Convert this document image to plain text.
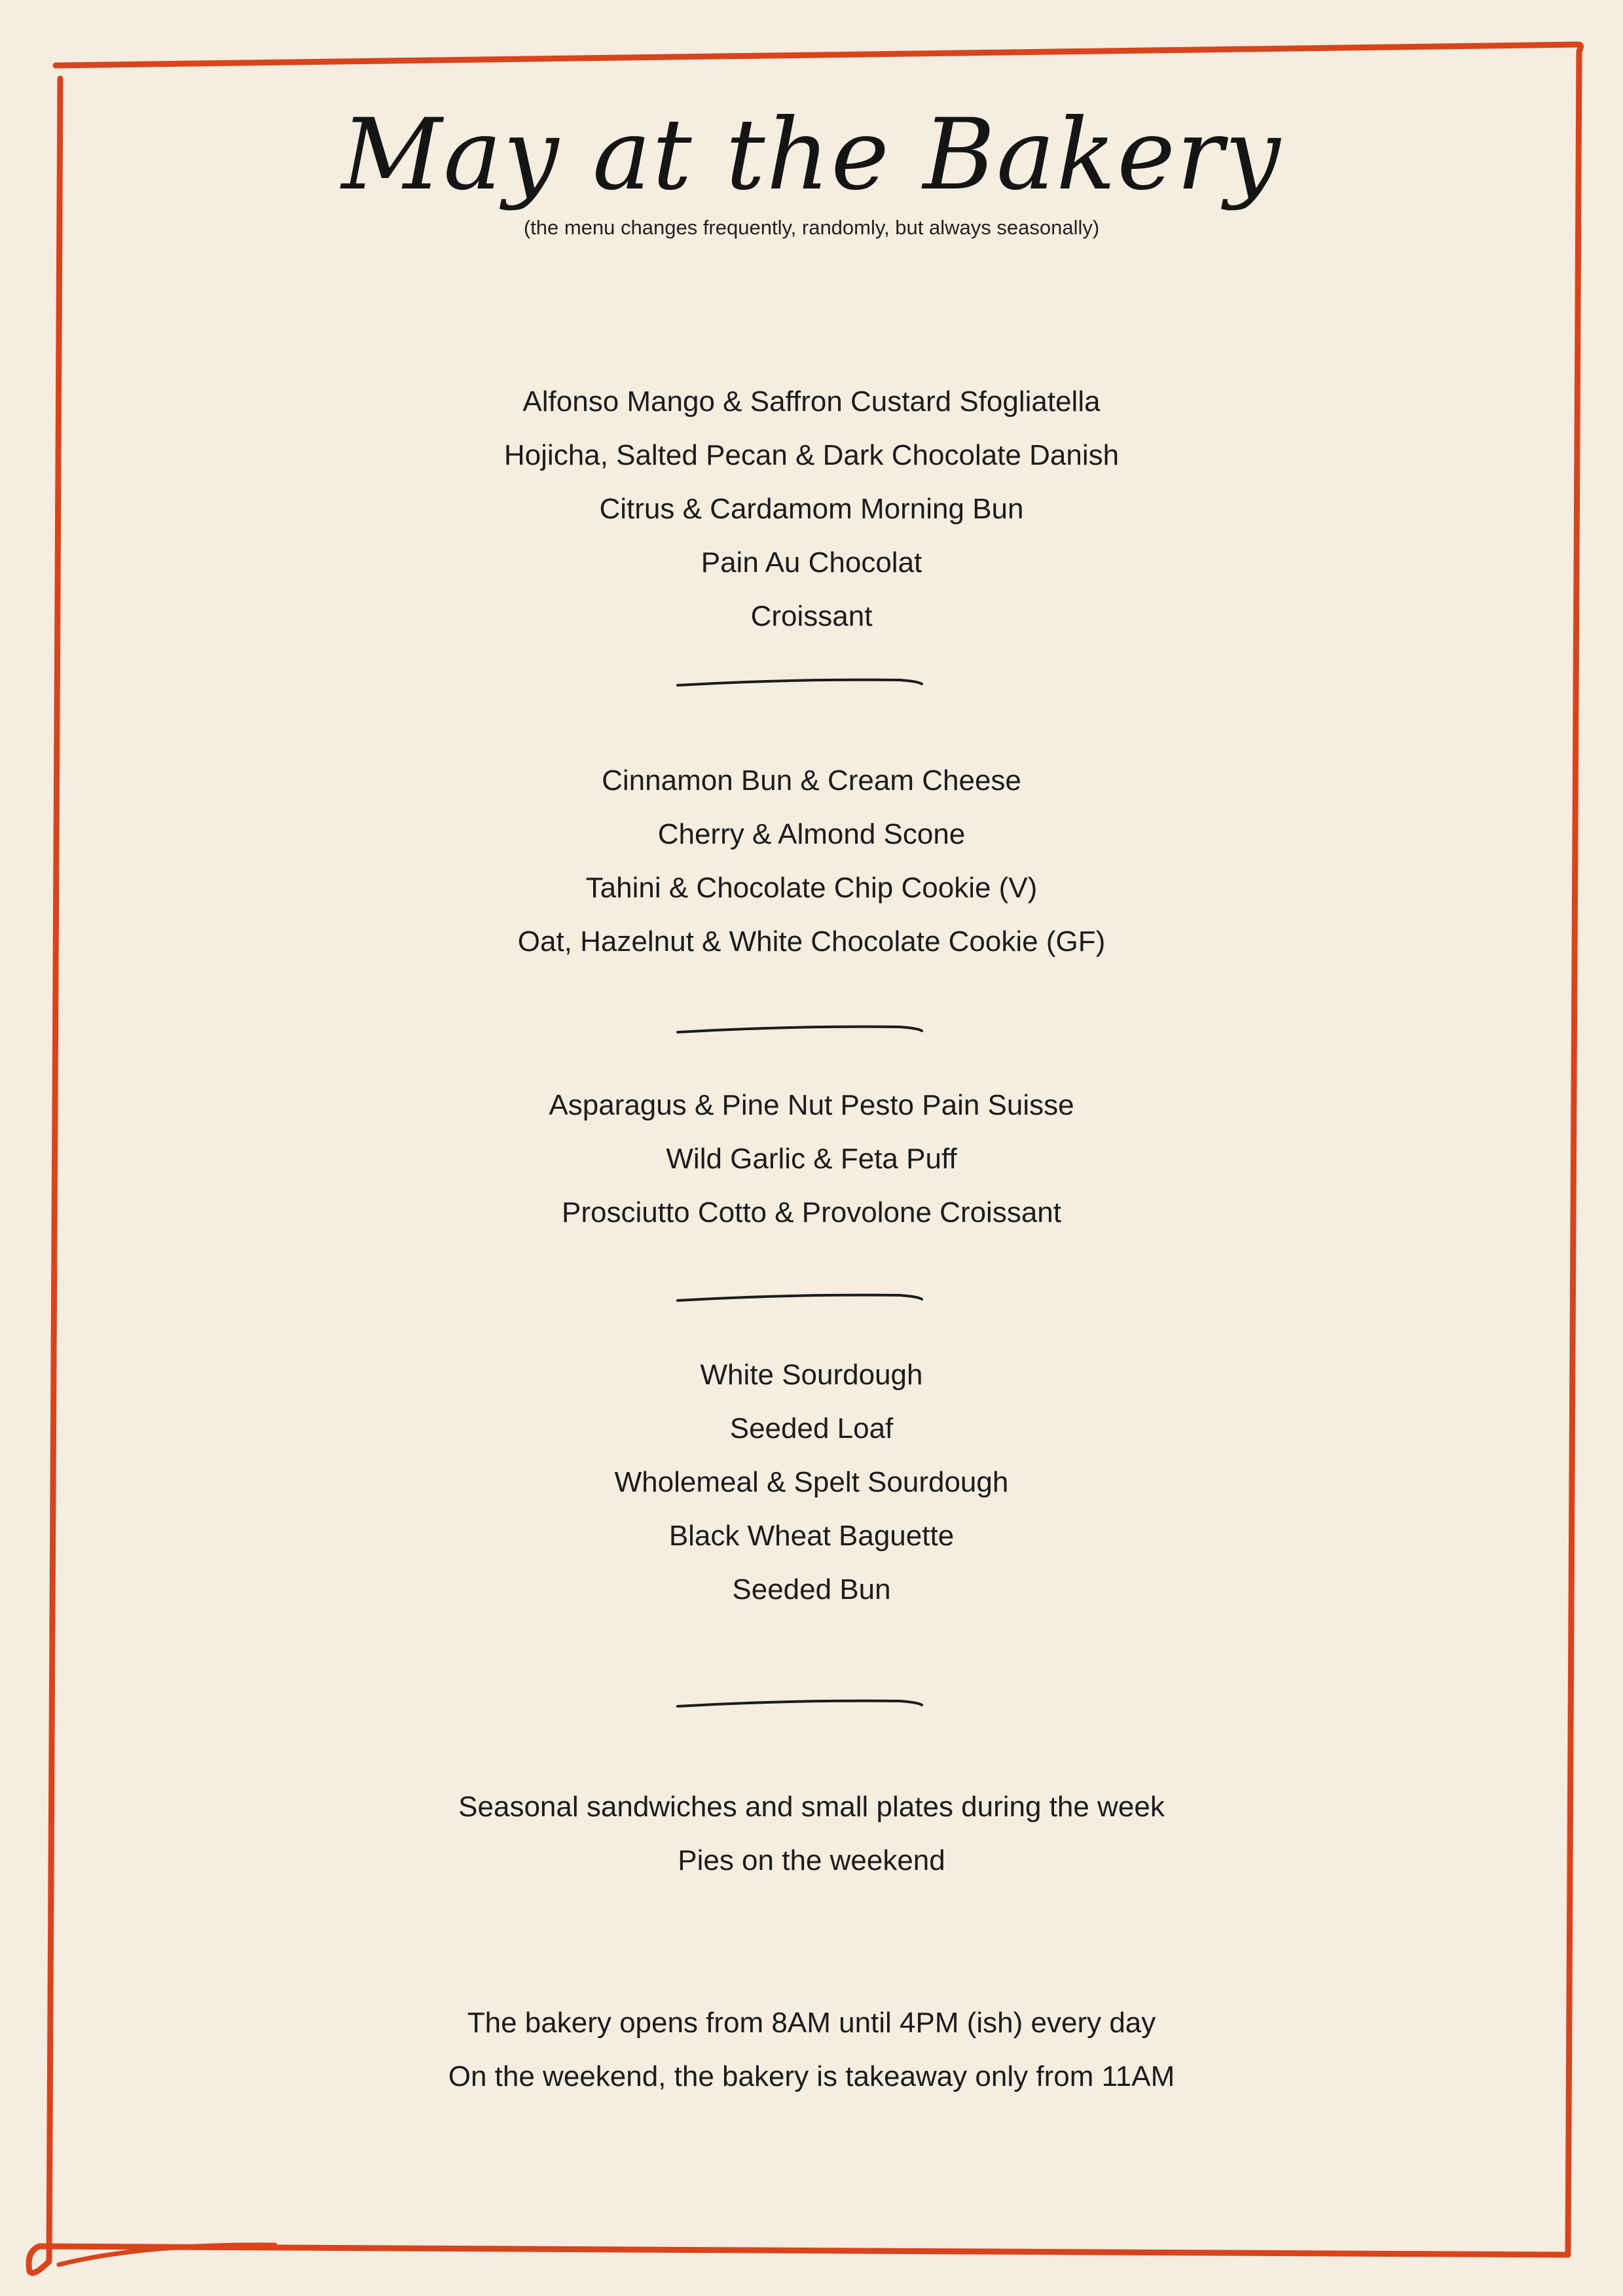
May at the Bakery
(the menu changes frequently, randomly, but always seasonally)
Alfonso Mango & Saffron Custard Sfogliatella
Hojicha, Salted Pecan & Dark Chocolate Danish
Citrus & Cardamom Morning Bun
Pain Au Chocolat
Croissant
Cinnamon Bun & Cream Cheese
Cherry & Almond Scone
Tahini & Chocolate Chip Cookie (V)
Oat, Hazelnut & White Chocolate Cookie (GF)
Asparagus & Pine Nut Pesto Pain Suisse
Wild Garlic & Feta Puff
Prosciutto Cotto & Provolone Croissant
White Sourdough
Seeded Loaf
Wholemeal & Spelt Sourdough
Black Wheat Baguette
Seeded Bun
Seasonal sandwiches and small plates during the week
Pies on the weekend
The bakery opens from 8AM until 4PM (ish) every day
On the weekend, the bakery is takeaway only from 11AM
